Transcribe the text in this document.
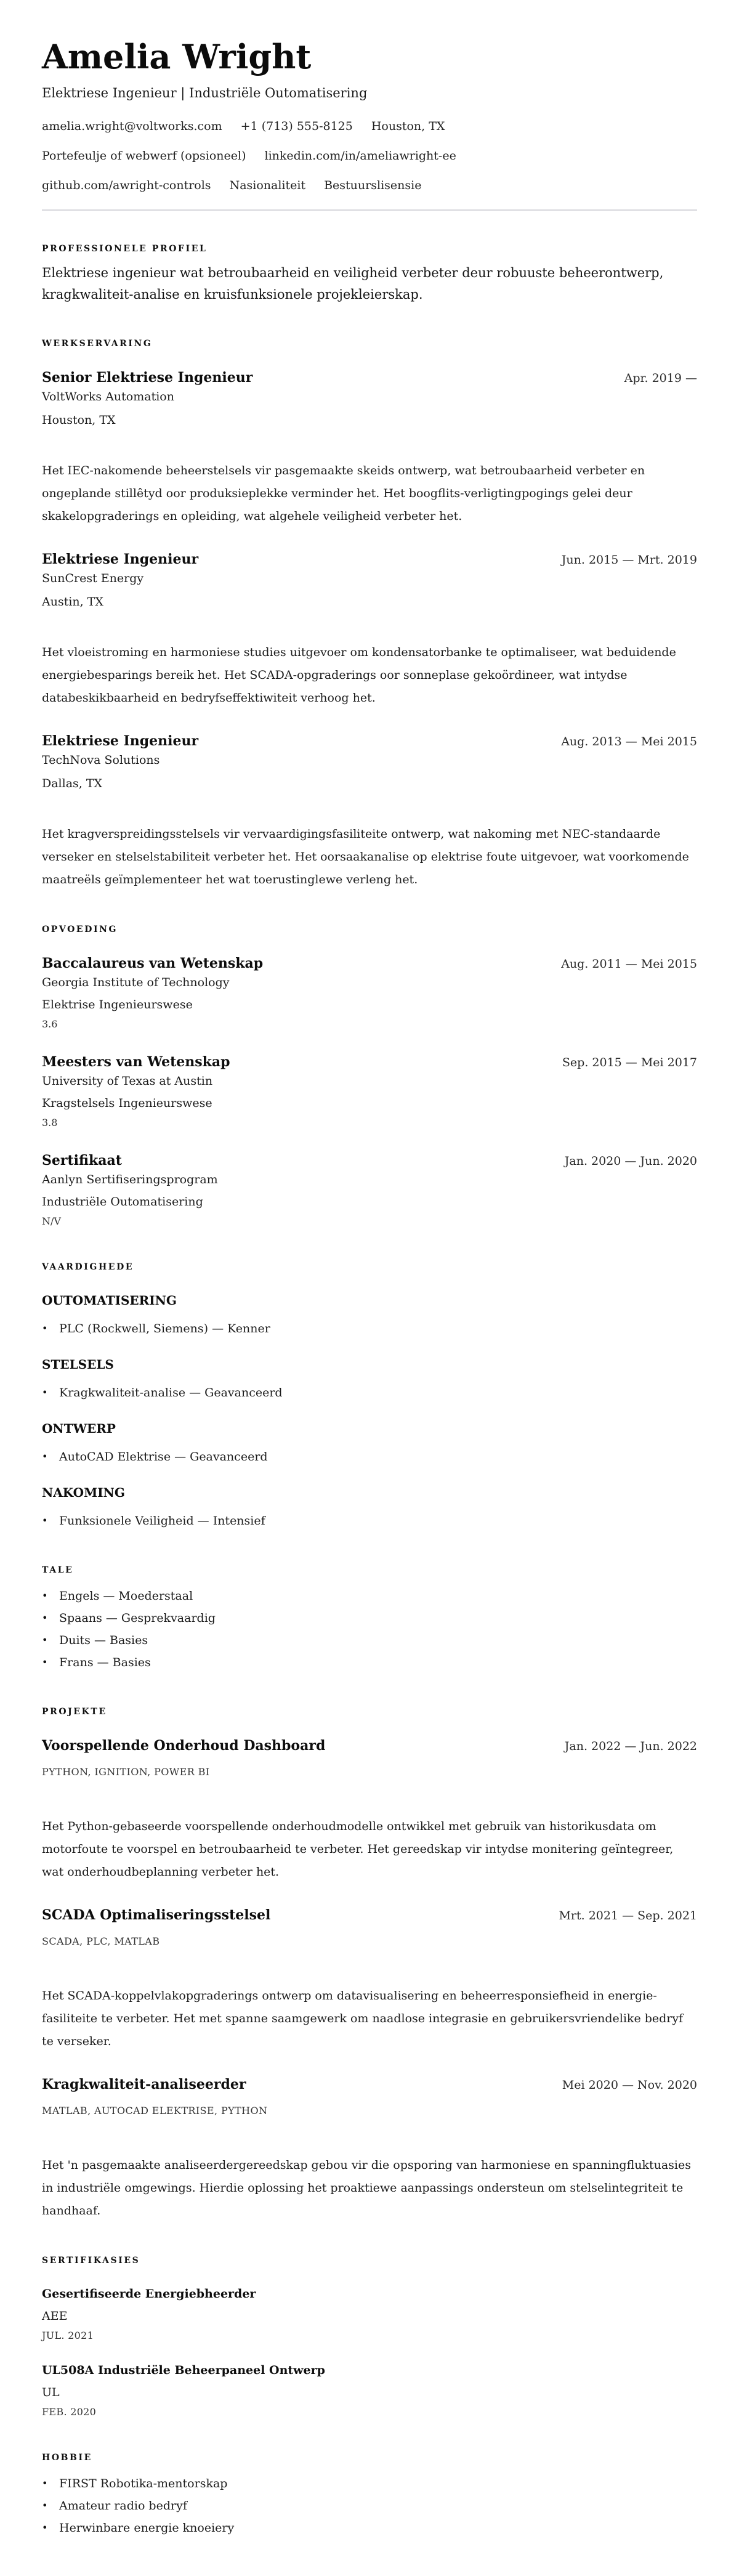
Amelia Wright
Elektriese Ingenieur | Industriële Outomatisering
amelia.wright@voltworks.com +1 (713) 555-8125 Houston, TX
Portefeulje of webwerf (opsioneel) linkedin.com/in/ameliawright-ee
github.com/awright-controls Nasionaliteit Bestuurslisensie
PROFESSIONELE PROFIEL

Elektriese ingenieur wat betroubaarheid en veiligheid verbeter deur robuuste beheerontwerp, kragkwaliteit-analise en kruisfunksionele projekleierskap.

WERKSERVARING
Senior Elektriese Ingenieur	Apr. 2019 —
VoltWorks Automation
Houston, TX

Het IEC-nakomende beheerstelsels vir pasgemaakte skeids ontwerp, wat betroubaarheid verbeter en ongeplande stillêtyd oor produksieplekke verminder het. Het boogflits-verligtingpogings gelei deur skakelopgraderings en opleiding, wat algehele veiligheid verbeter het.

Elektriese Ingenieur	Jun. 2015 — Mrt. 2019
SunCrest Energy
Austin, TX

Het vloeistroming en harmoniese studies uitgevoer om kondensatorbanke te optimaliseer, wat beduidende energiebesparings bereik het. Het SCADA-opgraderings oor sonneplase gekoördineer, wat intydse databeskikbaarheid en bedryfseffektiwiteit verhoog het.

Elektriese Ingenieur	Aug. 2013 — Mei 2015
TechNova Solutions
Dallas, TX

Het kragverspreidingsstelsels vir vervaardigingsfasiliteite ontwerp, wat nakoming met NEC-standaarde verseker en stelselstabiliteit verbeter het. Het oorsaakanalise op elektrise foute uitgevoer, wat voorkomende maatreëls geïmplementeer het wat toerustinglewe verleng het.

OPVOEDING
Baccalaureus van Wetenskap	Aug. 2011 — Mei 2015
Georgia Institute of Technology
Elektrise Ingenieurswese
3.6
Meesters van Wetenskap	Sep. 2015 — Mei 2017
University of Texas at Austin
Kragstelsels Ingenieurswese
3.8
Sertifikaat	Jan. 2020 — Jun. 2020
Aanlyn Sertifiseringsprogram
Industriële Outomatisering
N/V
VAARDIGHEDE
OUTOMATISERING
• PLC (Rockwell, Siemens) — Kenner
STELSELS
• Kragkwaliteit-analise — Geavanceerd
ONTWERP
• AutoCAD Elektrise — Geavanceerd
NAKOMING
• Funksionele Veiligheid — Intensief
TALE
• Engels — Moederstaal
• Spaans — Gesprekvaardig
• Duits — Basies
• Frans — Basies
PROJEKTE
Voorspellende Onderhoud Dashboard	Jan. 2022 — Jun. 2022
PYTHON, IGNITION, POWER BI

Het Python-gebaseerde voorspellende onderhoudmodelle ontwikkel met gebruik van historikusdata om motorfoute te voorspel en betroubaarheid te verbeter. Het gereedskap vir intydse monitering geïntegreer, wat onderhoudbeplanning verbeter het.

SCADA Optimaliseringsstelsel	Mrt. 2021 — Sep. 2021
SCADA, PLC, MATLAB

Het SCADA-koppelvlakopgraderings ontwerp om datavisualisering en beheerresponsiefheid in energie-fasiliteite te verbeter. Het met spanne saamgewerk om naadlose integrasie en gebruikersvriendelike bedryf te verseker.

Kragkwaliteit-analiseerder	Mei 2020 — Nov. 2020
MATLAB, AUTOCAD ELEKTRISE, PYTHON

Het 'n pasgemaakte analiseerdergereedskap gebou vir die opsporing van harmoniese en spanningfluktuasies in industriële omgewings. Hierdie oplossing het proaktiewe aanpassings ondersteun om stelselintegriteit te handhaaf.

SERTIFIKASIES
Gesertifiseerde Energiebheerder
AEE
JUL. 2021
UL508A Industriële Beheerpaneel Ontwerp
UL
FEB. 2020
HOBBIE
• FIRST Robotika-mentorskap
• Amateur radio bedryf
• Herwinbare energie knoeiery
